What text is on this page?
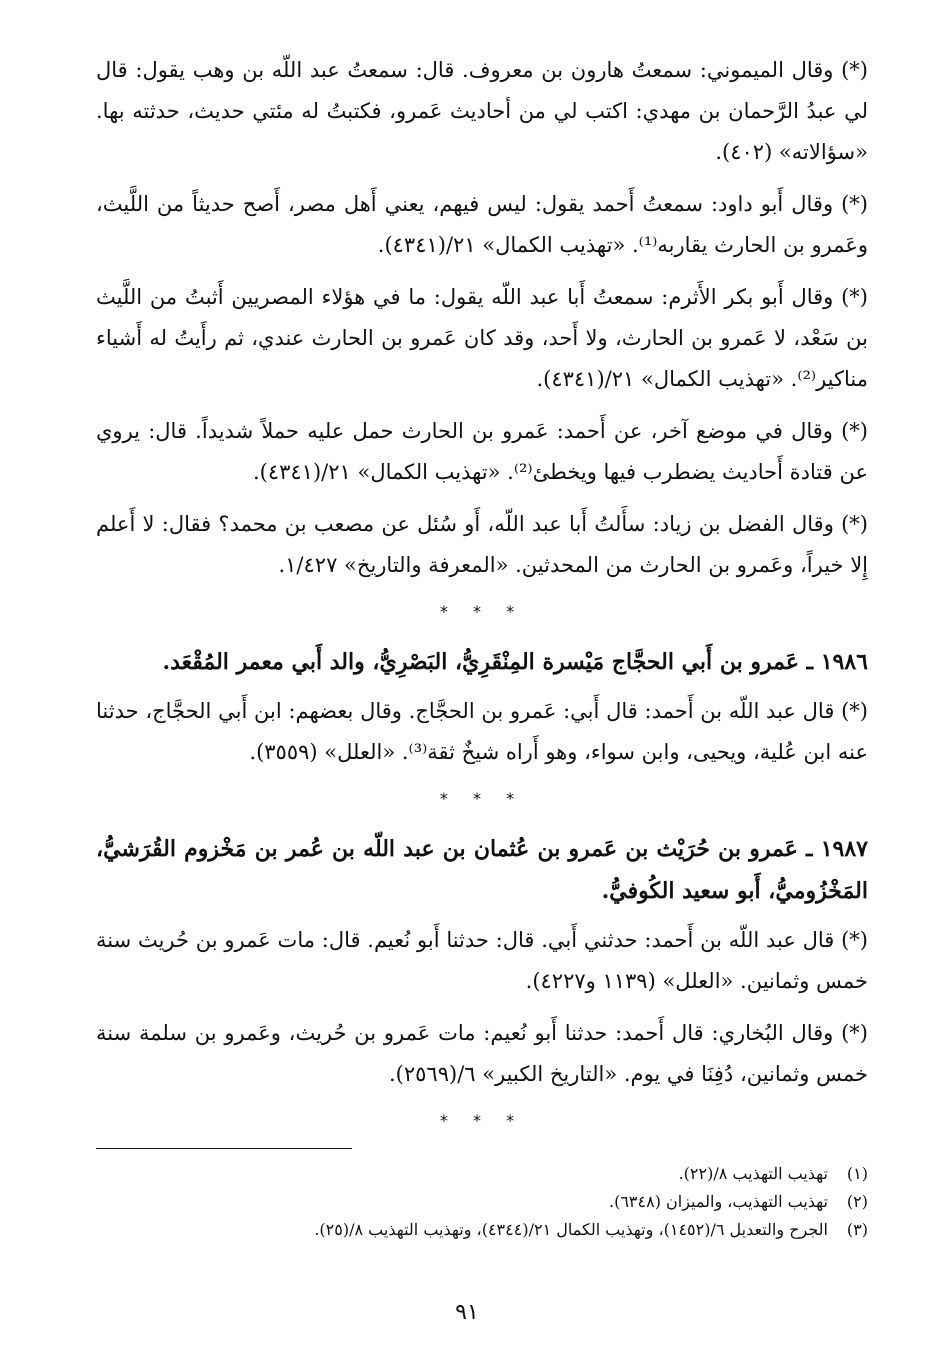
(*) وقال الميموني: سمعتُ هارون بن معروف. قال: سمعتُ عبد اللّه بن وهب يقول: قال لي عبدُ الرَّحمان بن مهدي: اكتب لي من أحاديث عَمرو، فكتبتُ له مئتي حديث، حدثته بها. «سؤالاته» (٤٠٢).

(*) وقال أَبو داود: سمعتُ أَحمد يقول: ليس فيهم، يعني أَهل مصر، أَصح حديثاً من اللَّيث، وعَمرو بن الحارث يقاربه⁽¹⁾. «تهذيب الكمال» ٢١/(٤٣٤١).

(*) وقال أَبو بكر الأَثرم: سمعتُ أَبا عبد اللّه يقول: ما في هؤلاء المصريين أَثبتُ من اللَّيث بن سَعْد، لا عَمرو بن الحارث، ولا أَحد، وقد كان عَمرو بن الحارث عندي، ثم رأَيتُ له أَشياء مناكير⁽²⁾. «تهذيب الكمال» ٢١/(٤٣٤١).

(*) وقال في موضع آخر، عن أَحمد: عَمرو بن الحارث حمل عليه حملاً شديداً. قال: يروي عن قتادة أَحاديث يضطرب فيها ويخطئ⁽²⁾. «تهذيب الكمال» ٢١/(٤٣٤١).

(*) وقال الفضل بن زياد: سأَلتُ أَبا عبد اللّه، أَو سُئل عن مصعب بن محمد؟ فقال: لا أَعلم إِلا خيراً، وعَمرو بن الحارث من المحدثين. «المعرفة والتاريخ» ١/٤٢٧.

* * *

١٩٨٦ ـ عَمرو بن أَبي الحجَّاج مَيْسرة المِنْقَرِيُّ، البَصْرِيُّ، والد أَبي معمر المُقْعَد.

(*) قال عبد اللّه بن أَحمد: قال أَبي: عَمرو بن الحجَّاج. وقال بعضهم: ابن أَبي الحجَّاج، حدثنا عنه ابن عُلية، ويحيى، وابن سواء، وهو أَراه شيخٌ ثقة⁽³⁾. «العلل» (٣٥٥٩).

* * *

١٩٨٧ ـ عَمرو بن حُرَيْث بن عَمرو بن عُثمان بن عبد اللّه بن عُمر بن مَخْزوم القُرَشيُّ، المَخْزُوميُّ، أَبو سعيد الكُوفيُّ.

(*) قال عبد اللّه بن أَحمد: حدثني أَبي. قال: حدثنا أَبو نُعيم. قال: مات عَمرو بن حُريث سنة خمس وثمانين. «العلل» (١١٣٩ و٤٢٢٧).

(*) وقال البُخاري: قال أَحمد: حدثنا أَبو نُعيم: مات عَمرو بن حُريث، وعَمرو بن سلمة سنة خمس وثمانين، دُفِنَا في يوم. «التاريخ الكبير» ٦/(٢٥٦٩).

* * *

(١)تهذيب التهذيب ٨/(٢٢).

(٢)تهذيب التهذيب، والميزان (٦٣٤٨).

(٣)الجرح والتعديل ٦/(١٤٥٢)، وتهذيب الكمال ٢١/(٤٣٤٤)، وتهذيب التهذيب ٨/(٢٥).

٩١
